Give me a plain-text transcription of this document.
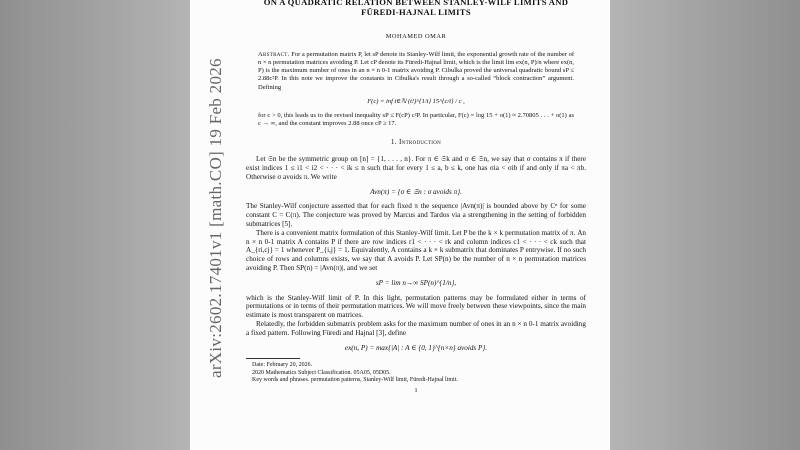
ON A QUADRATIC RELATION BETWEEN STANLEY-WILF LIMITS AND
FÜREDI-HAJNAL LIMITS
MOHAMED OMAR
Abstract. For a permutation matrix P, let sP denote its Stanley-Wilf limit, the exponential growth rate of the number of n × n permutation matrices avoiding P. Let cP denote its Füredi-Hajnal limit, which is the limit lim ex(n, P)/n where ex(n, P) is the maximum number of ones in an n × n 0-1 matrix avoiding P. Cibulka proved the universal quadratic bound sP ≤ 2.88c²P. In this note we improve the constants in Cibulka's result through a so-called “block contraction” argument. Defining
F(c) = inf t∈ℕ (t!)^{1/t} 15^{c/t} / c ,
for c > 0, this leads us to the revised inequality sP ≤ F(cP) c²P. In particular, F(c) = log 15 + o(1) ≈ 2.70805 . . . + o(1) as c → ∞, and the constant improves 2.88 once cP ≥ 17.
1. Introduction

Let 𝔖n be the symmetric group on [n] = {1, . . . , n}. For π ∈ 𝔖k and σ ∈ 𝔖n, we say that σ contains π if there exist indices 1 ≤ i1 < i2 < · · · < ik ≤ n such that for every 1 ≤ a, b ≤ k, one has σia < σib if and only if πa < πb. Otherwise σ avoids π. We write

Avn(π) = {σ ∈ 𝔖n : σ avoids π}.

The Stanley-Wilf conjecture asserted that for each fixed π the sequence |Avn(π)| is bounded above by Cⁿ for some constant C = C(π). The conjecture was proved by Marcus and Tardos via a strengthening in the setting of forbidden submatrices [5].

There is a convenient matrix formulation of this Stanley-Wilf limit. Let P be the k × k permutation matrix of π. An n × n 0-1 matrix A contains P if there are row indices r1 < · · · < rk and column indices c1 < · · · < ck such that A_{ri,cj} = 1 whenever P_{i,j} = 1. Equivalently, A contains a k × k submatrix that dominates P entrywise. If no such choice of rows and columns exists, we say that A avoids P. Let SP(n) be the number of n × n permutation matrices avoiding P. Then SP(n) = |Avn(π)|, and we set

sP = lim n→∞ SP(n)^{1/n},

which is the Stanley-Wilf limit of P. In this light, permutation patterns may be formulated either in terms of permutations or in terms of their permutation matrices. We will move freely between these viewpoints, since the main estimate is most transparent on matrices.

Relatedly, the forbidden submatrix problem asks for the maximum number of ones in an n × n 0-1 matrix avoiding a fixed pattern. Following Füredi and Hajnal [3], define

ex(n, P) = max{|A| : A ∈ {0, 1}^{n×n} avoids P}.
Date: February 20, 2026.
2020 Mathematics Subject Classification. 05A05, 05D05.
Key words and phrases. permutation patterns, Stanley-Wilf limit, Füredi-Hajnal limit.
1
arXiv:2602.17401v1 [math.CO] 19 Feb 2026
